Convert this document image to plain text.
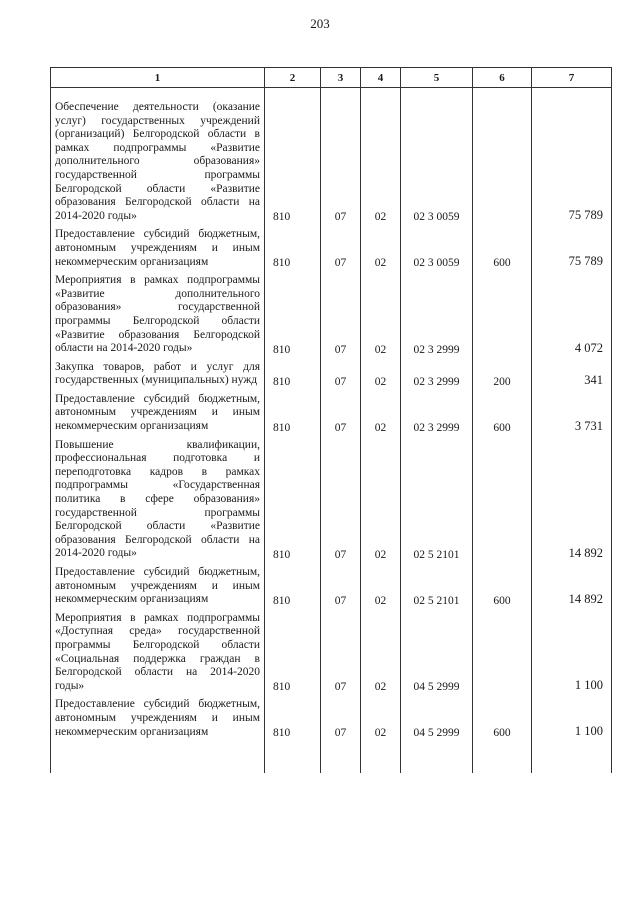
203
1	2	3	4	5	6	7

Обеспечение деятельности (оказание услуг) государственных учреждений (организаций) Белгородской области в рамках подпрограммы «Развитие дополнительного образования» государственной программы Белгородской области «Развитие образования Белгородской области на 2014-2020 годы»	810	07	02	02 3 0059		75 789
Предоставление субсидий бюджетным, автономным учреждениям и иным некоммерческим организациям	810	07	02	02 3 0059	600	75 789
Мероприятия в рамках подпрограммы «Развитие дополнительного образования» государственной программы Белгородской области «Развитие образования Белгородской области на 2014-2020 годы»	810	07	02	02 3 2999		4 072
Закупка товаров, работ и услуг для государственных (муниципальных) нужд	810	07	02	02 3 2999	200	341
Предоставление субсидий бюджетным, автономным учреждениям и иным некоммерческим организациям	810	07	02	02 3 2999	600	3 731
Повышение квалификации, профессиональная подготовка и переподготовка кадров в рамках подпрограммы «Государственная политика в сфере образования» государственной программы Белгородской области «Развитие образования Белгородской области на 2014-2020 годы»	810	07	02	02 5 2101		14 892
Предоставление субсидий бюджетным, автономным учреждениям и иным некоммерческим организациям	810	07	02	02 5 2101	600	14 892
Мероприятия в рамках подпрограммы «Доступная среда» государственной программы Белгородской области «Социальная поддержка граждан в Белгородской области на 2014-2020 годы»	810	07	02	04 5 2999		1 100
Предоставление субсидий бюджетным, автономным учреждениям и иным некоммерческим организациям	810	07	02	04 5 2999	600	1 100
